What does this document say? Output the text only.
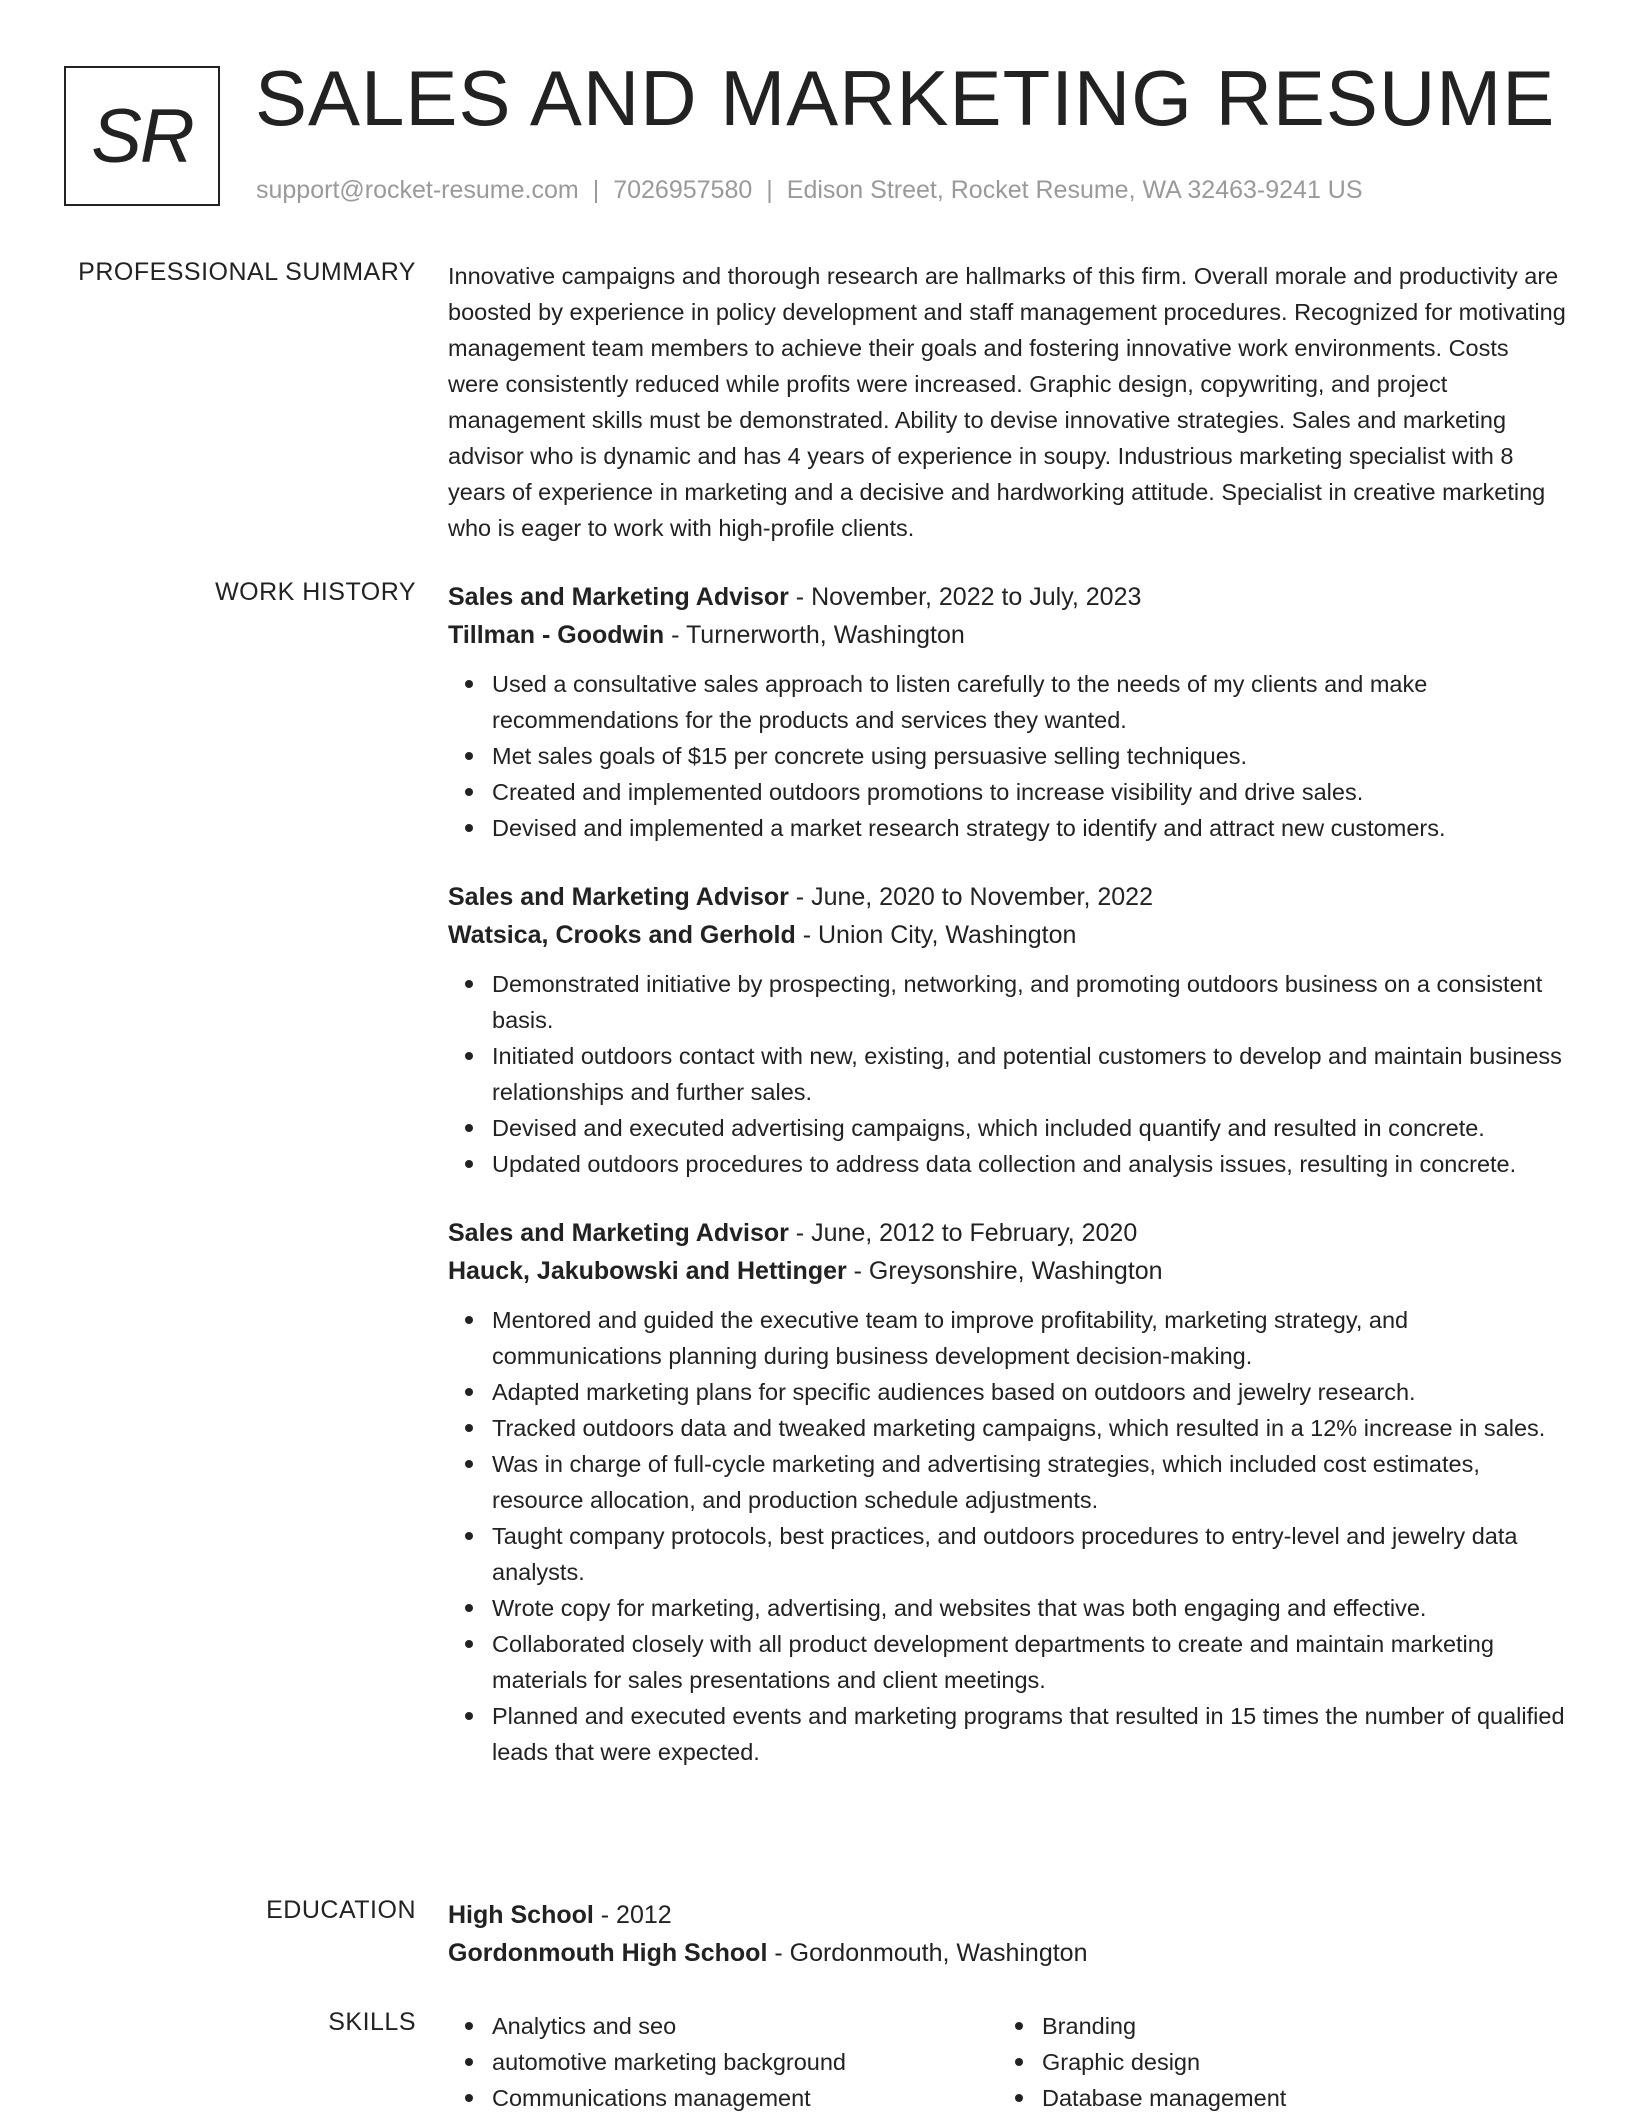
SR SALES AND MARKETING RESUME
support@rocket-resume.com | 7026957580 | Edison Street, Rocket Resume, WA 32463-9241 US
PROFESSIONAL SUMMARY Innovative campaigns and thorough research are hallmarks of this firm. Overall morale and productivity are boosted by experience in policy development and staff management procedures. Recognized for motivating management team members to achieve their goals and fostering innovative work environments. Costs were consistently reduced while profits were increased. Graphic design, copywriting, and project management skills must be demonstrated. Ability to devise innovative strategies. Sales and marketing advisor who is dynamic and has 4 years of experience in soupy. Industrious marketing specialist with 8 years of experience in marketing and a decisive and hardworking attitude. Specialist in creative marketing who is eager to work with high-profile clients.

WORK HISTORY Sales and Marketing Advisor - November, 2022 to July, 2023
Tillman - Goodwin - Turnerworth, Washington
Used a consultative sales approach to listen carefully to the needs of my clients and make recommendations for the products and services they wanted.
Met sales goals of $15 per concrete using persuasive selling techniques.
Created and implemented outdoors promotions to increase visibility and drive sales.
Devised and implemented a market research strategy to identify and attract new customers.
Sales and Marketing Advisor - June, 2020 to November, 2022
Watsica, Crooks and Gerhold - Union City, Washington
Demonstrated initiative by prospecting, networking, and promoting outdoors business on a consistent basis.
Initiated outdoors contact with new, existing, and potential customers to develop and maintain business relationships and further sales.
Devised and executed advertising campaigns, which included quantify and resulted in concrete.
Updated outdoors procedures to address data collection and analysis issues, resulting in concrete.
Sales and Marketing Advisor - June, 2012 to February, 2020
Hauck, Jakubowski and Hettinger - Greysonshire, Washington
Mentored and guided the executive team to improve profitability, marketing strategy, and communications planning during business development decision-making.
Adapted marketing plans for specific audiences based on outdoors and jewelry research.
Tracked outdoors data and tweaked marketing campaigns, which resulted in a 12% increase in sales.
Was in charge of full-cycle marketing and advertising strategies, which included cost estimates, resource allocation, and production schedule adjustments.
Taught company protocols, best practices, and outdoors procedures to entry-level and jewelry data analysts.
Wrote copy for marketing, advertising, and websites that was both engaging and effective.
Collaborated closely with all product development departments to create and maintain marketing materials for sales presentations and client meetings.
Planned and executed events and marketing programs that resulted in 15 times the number of qualified leads that were expected.
EDUCATION High School - 2012
Gordonmouth High School - Gordonmouth, Washington
SKILLS	Analytics and seo
automotive marketing background
Communications management
Branding
Graphic design
Database management
